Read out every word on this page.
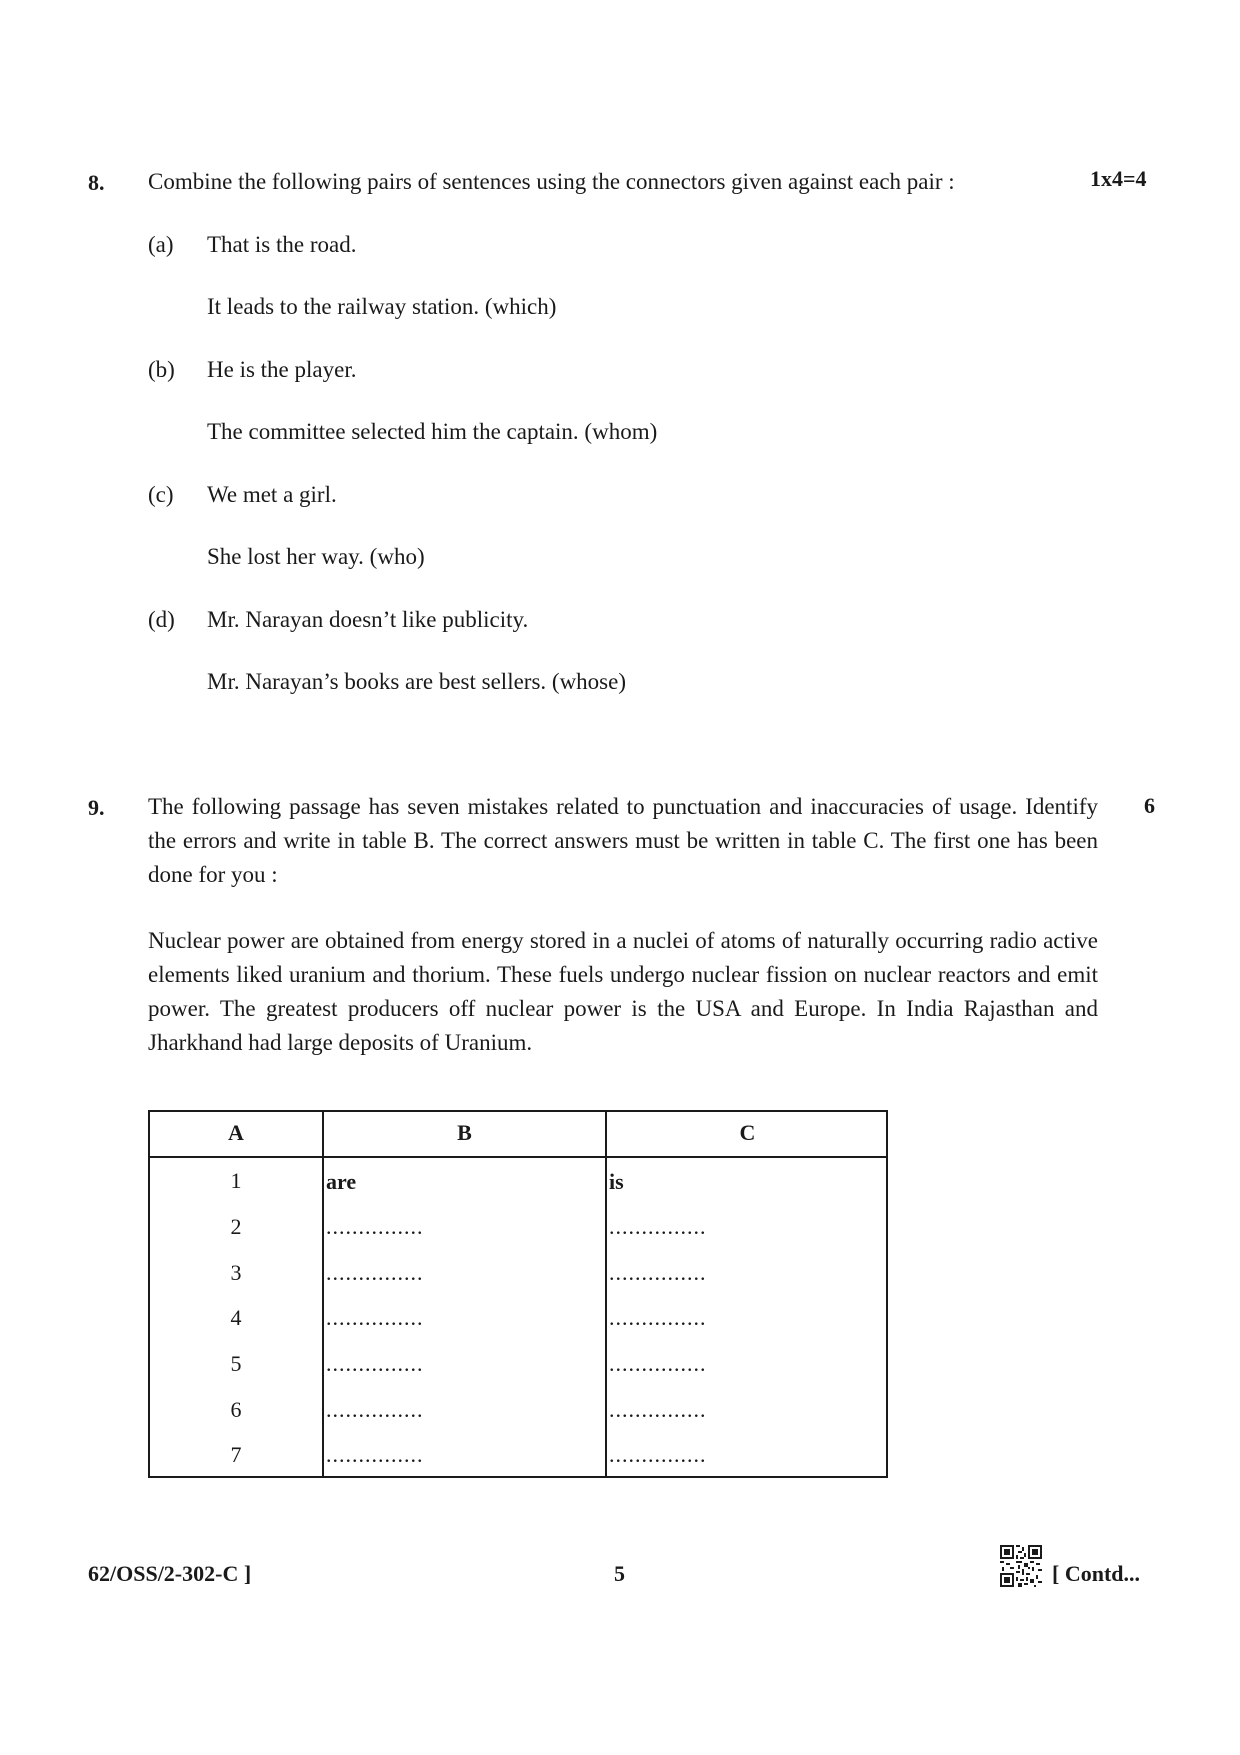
8. Combine the following pairs of sentences using the connectors given against each pair :	1x4=4
(a) That is the road.
It leads to the railway station. (which)
(b) He is the player.
The committee selected him the captain. (whom)
(c) We met a girl.
She lost her way. (who)
(d) Mr. Narayan doesn’t like publicity.
Mr. Narayan’s books are best sellers. (whose)
9.	6
The following passage has seven mistakes related to punctuation and inaccuracies of usage. Identify the errors and write in table B. The correct answers must be written in table C. The first one has been done for you :
Nuclear power are obtained from energy stored in a nuclei of atoms of naturally occurring radio active elements liked uranium and thorium. These fuels undergo nuclear fission on nuclear reactors and emit power. The greatest producers off nuclear power is the USA and Europe. In India Rajasthan and Jharkhand had large deposits of Uranium.
A	B	C
1	are	is
2	...............	...............
3	...............	...............
4	...............	...............
5	...............	...............
6	...............	...............
7	...............	...............
62/OSS/2-302-C ]	5	[ Contd...
